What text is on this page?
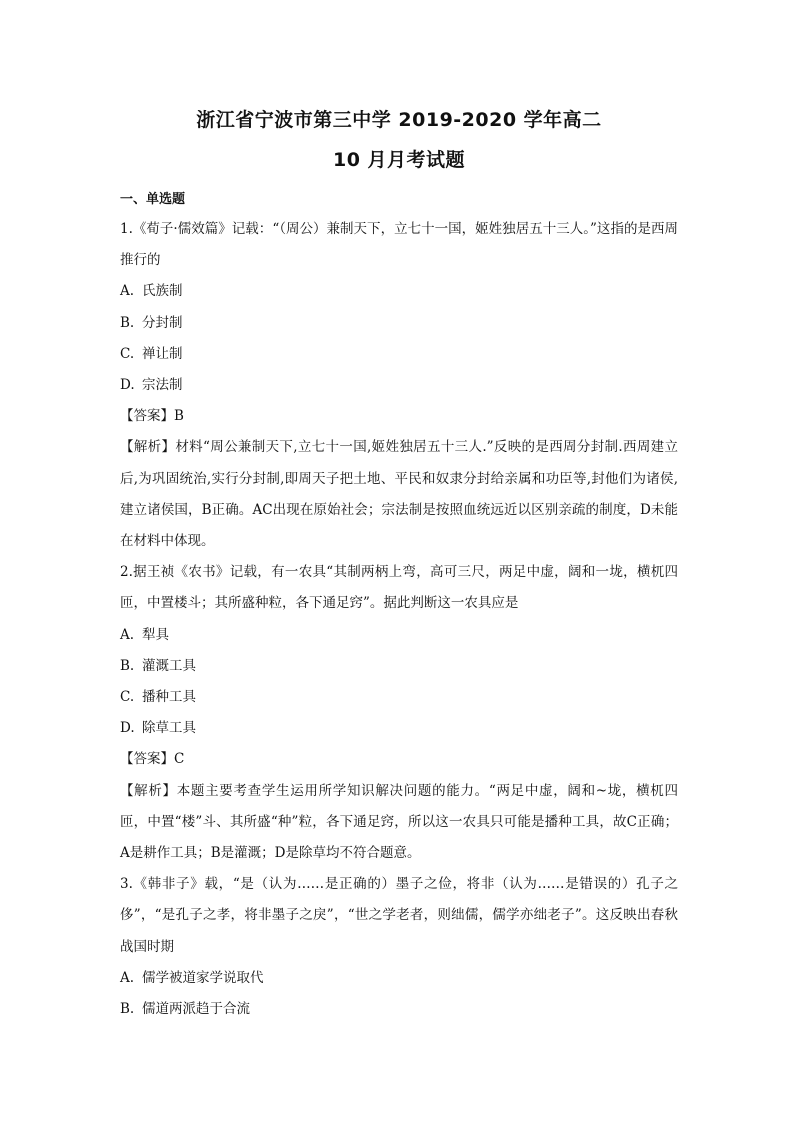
浙江省宁波市第三中学 2019-2020 学年高二

10 月月考试题

一、单选题

1.《荀子·儒效篇》记载：“（周公）兼制天下，立七十一国，姬姓独居五十三人。”这指的是西周推行的

A. 氏族制

B. 分封制

C. 禅让制

D. 宗法制

【答案】B

【解析】材料“周公兼制天下,立七十一国,姬姓独居五十三人.”反映的是西周分封制.西周建立后,为巩固统治,实行分封制,即周天子把土地、平民和奴隶分封给亲属和功臣等,封他们为诸侯,建立诸侯国，B正确。AC出现在原始社会；宗法制是按照血统远近以区别亲疏的制度，D未能在材料中体现。

2.据王祯《农书》记载，有一农具“其制两柄上弯，高可三尺，两足中虚，阔和一垅，横杌四匝，中置楼斗；其所盛种粒，各下通足窍”。据此判断这一农具应是

A. 犁具

B. 灌溉工具

C. 播种工具

D. 除草工具

【答案】C

【解析】本题主要考查学生运用所学知识解决问题的能力。“两足中虚，阔和~垅，横杌四匝，中置“楼”斗、其所盛“种”粒，各下通足窍，所以这一农具只可能是播种工具，故C正确；A是耕作工具；B是灌溉；D是除草均不符合题意。

3.《韩非子》载，“是（认为……是正确的）墨子之俭，将非（认为……是错误的）孔子之侈”，“是孔子之孝，将非墨子之戾”，“世之学老者，则绌儒，儒学亦绌老子”。这反映出春秋战国时期

A. 儒学被道家学说取代

B. 儒道两派趋于合流
